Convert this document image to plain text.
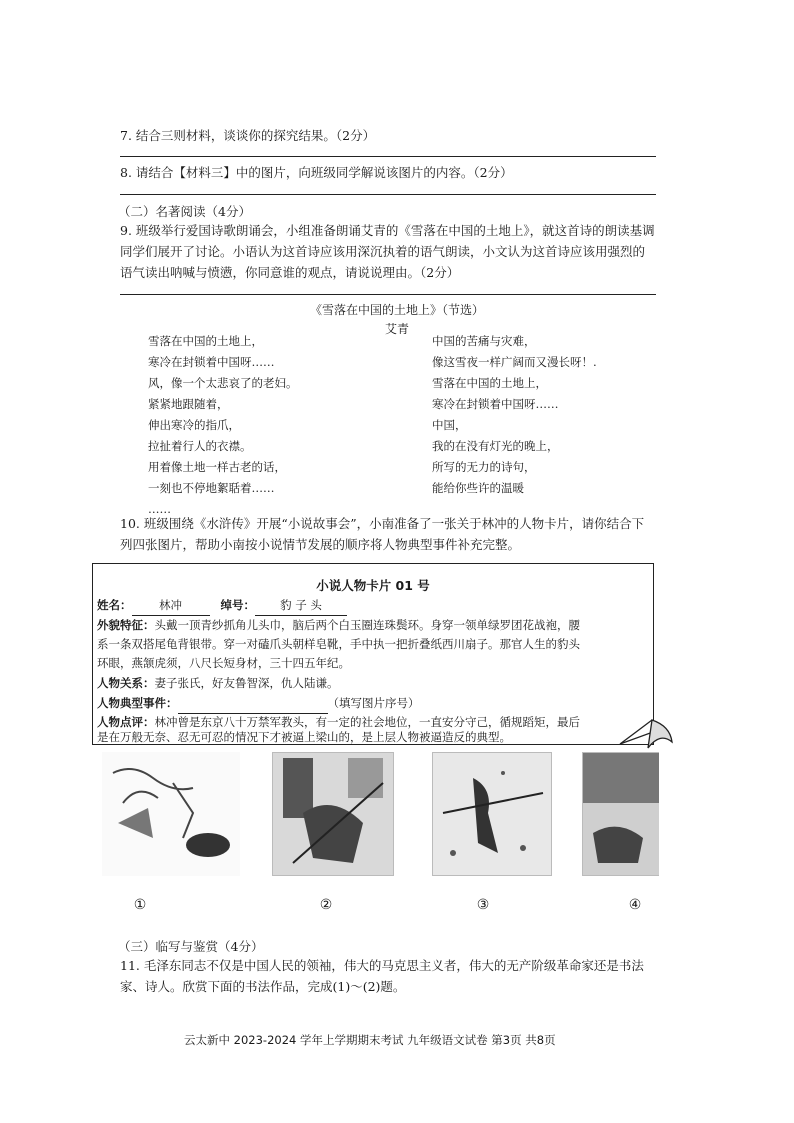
7. 结合三则材料，谈谈你的探究结果。（2分）
8. 请结合【材料三】中的图片，向班级同学解说该图片的内容。（2分）
（二）名著阅读（4分）
9. 班级举行爱国诗歌朗诵会，小组准备朗诵艾青的《雪落在中国的土地上》，就这首诗的朗读基调同学们展开了讨论。小语认为这首诗应该用深沉执着的语气朗读，小文认为这首诗应该用强烈的语气读出呐喊与愤懑，你同意谁的观点，请说说理由。（2分）
《雪落在中国的土地上》（节选）
艾青
雪落在中国的土地上，
寒冷在封锁着中国呀……
风，像一个太悲哀了的老妇。
紧紧地跟随着，
伸出寒冷的指爪，
拉扯着行人的衣襟。
用着像土地一样古老的话，
一刻也不停地絮聒着……
……
中国的苦痛与灾难，
像这雪夜一样广阔而又漫长呀！.
雪落在中国的土地上，
寒冷在封锁着中国呀……
中国，
我的在没有灯光的晚上，
所写的无力的诗句，
能给你些许的温暖
10. 班级围绕《水浒传》开展“小说故事会”，小南准备了一张关于林冲的人物卡片，请你结合下列四张图片，帮助小南按小说情节发展的顺序将人物典型事件补充完整。
小说人物卡片 01 号
姓名： 林冲	绰号： 豹 子 头
外貌特征：头戴一顶青纱抓角儿头巾，脑后两个白玉圈连珠鬓环。身穿一领单绿罗团花战袍，腰
系一条双搭尾龟背银带。穿一对磕爪头朝样皂靴，手中执一把折叠纸西川扇子。那官人生的豹头
环眼，燕颔虎须，八尺长短身材，三十四五年纪。
人物关系：妻子张氏，好友鲁智深，仇人陆谦。
人物典型事件：	（填写图片序号）
人物点评：林冲曾是东京八十万禁军教头，有一定的社会地位，一直安分守己，循规蹈矩，最后
是在万般无奈、忍无可忍的情况下才被逼上梁山的，是上层人物被逼造反的典型。
①	②	③	④
（三）临写与鉴赏（4分）
11. 毛泽东同志不仅是中国人民的领袖，伟大的马克思主义者，伟大的无产阶级革命家还是书法家、诗人。欣赏下面的书法作品，完成(1)～(2)题。
云太新中 2023-2024 学年上学期期末考试 九年级语文试卷 第3页 共8页
